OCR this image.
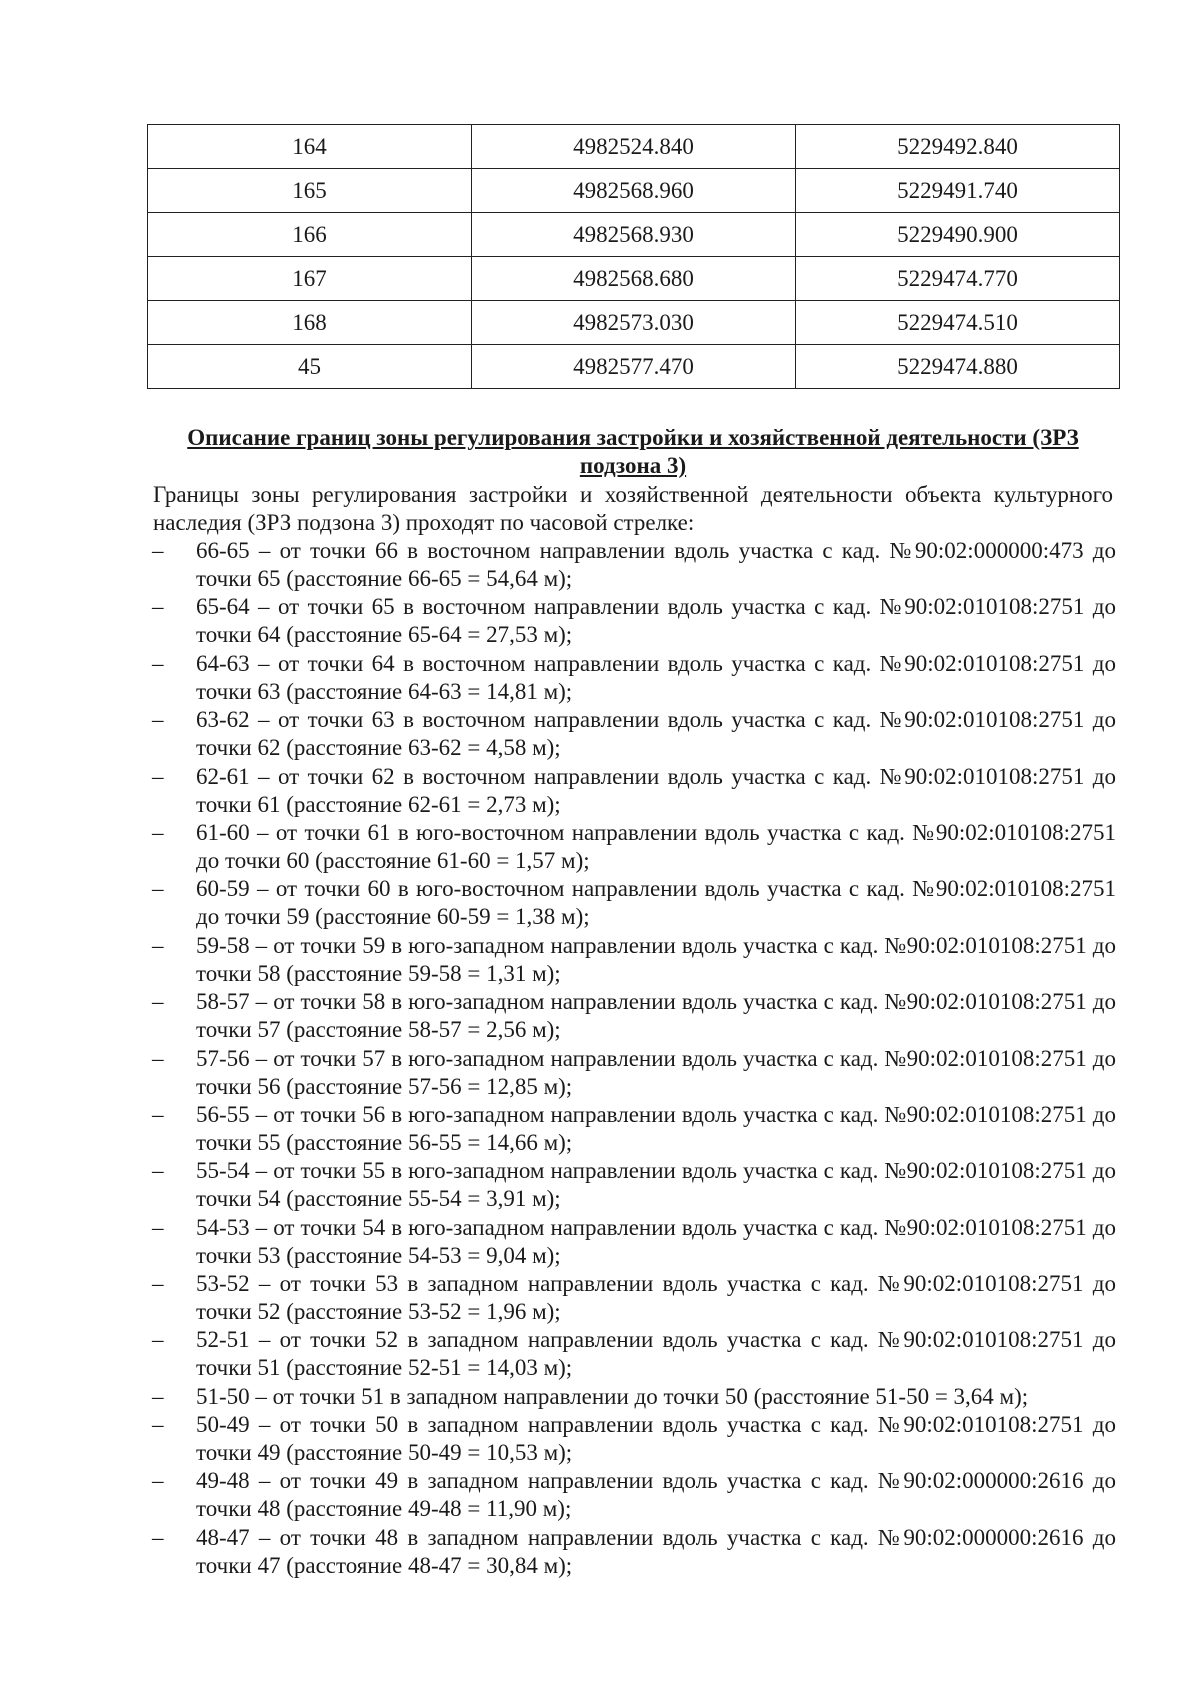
164	4982524.840	5229492.840
165	4982568.960	5229491.740
166	4982568.930	5229490.900
167	4982568.680	5229474.770
168	4982573.030	5229474.510
45	4982577.470	5229474.880
Описание границ зоны регулирования застройки и хозяйственной деятельности (ЗРЗ подзона 3)
Границы зоны регулирования застройки и хозяйственной деятельности объекта культурного наследия (ЗРЗ подзона 3) проходят по часовой стрелке:
– 66-65 – от точки 66 в восточном направлении вдоль участка с кад. №90:02:000000:473 до точки 65 (расстояние 66-65 = 54,64 м);
– 65-64 – от точки 65 в восточном направлении вдоль участка с кад. №90:02:010108:2751 до точки 64 (расстояние 65-64 = 27,53 м);
– 64-63 – от точки 64 в восточном направлении вдоль участка с кад. №90:02:010108:2751 до точки 63 (расстояние 64-63 = 14,81 м);
– 63-62 – от точки 63 в восточном направлении вдоль участка с кад. №90:02:010108:2751 до точки 62 (расстояние 63-62 = 4,58 м);
– 62-61 – от точки 62 в восточном направлении вдоль участка с кад. №90:02:010108:2751 до точки 61 (расстояние 62-61 = 2,73 м);
– 61-60 – от точки 61 в юго-восточном направлении вдоль участка с кад. №90:02:010108:2751 до точки 60 (расстояние 61-60 = 1,57 м);
– 60-59 – от точки 60 в юго-восточном направлении вдоль участка с кад. №90:02:010108:2751 до точки 59 (расстояние 60-59 = 1,38 м);
– 59-58 – от точки 59 в юго-западном направлении вдоль участка с кад. №90:02:010108:2751 до точки 58 (расстояние 59-58 = 1,31 м);
– 58-57 – от точки 58 в юго-западном направлении вдоль участка с кад. №90:02:010108:2751 до точки 57 (расстояние 58-57 = 2,56 м);
– 57-56 – от точки 57 в юго-западном направлении вдоль участка с кад. №90:02:010108:2751 до точки 56 (расстояние 57-56 = 12,85 м);
– 56-55 – от точки 56 в юго-западном направлении вдоль участка с кад. №90:02:010108:2751 до точки 55 (расстояние 56-55 = 14,66 м);
– 55-54 – от точки 55 в юго-западном направлении вдоль участка с кад. №90:02:010108:2751 до точки 54 (расстояние 55-54 = 3,91 м);
– 54-53 – от точки 54 в юго-западном направлении вдоль участка с кад. №90:02:010108:2751 до точки 53 (расстояние 54-53 = 9,04 м);
– 53-52 – от точки 53 в западном направлении вдоль участка с кад. №90:02:010108:2751 до точки 52 (расстояние 53-52 = 1,96 м);
– 52-51 – от точки 52 в западном направлении вдоль участка с кад. №90:02:010108:2751 до точки 51 (расстояние 52-51 = 14,03 м);
– 51-50 – от точки 51 в западном направлении до точки 50 (расстояние 51-50 = 3,64 м);
– 50-49 – от точки 50 в западном направлении вдоль участка с кад. №90:02:010108:2751 до точки 49 (расстояние 50-49 = 10,53 м);
– 49-48 – от точки 49 в западном направлении вдоль участка с кад. №90:02:000000:2616 до точки 48 (расстояние 49-48 = 11,90 м);
– 48-47 – от точки 48 в западном направлении вдоль участка с кад. №90:02:000000:2616 до точки 47 (расстояние 48-47 = 30,84 м);
